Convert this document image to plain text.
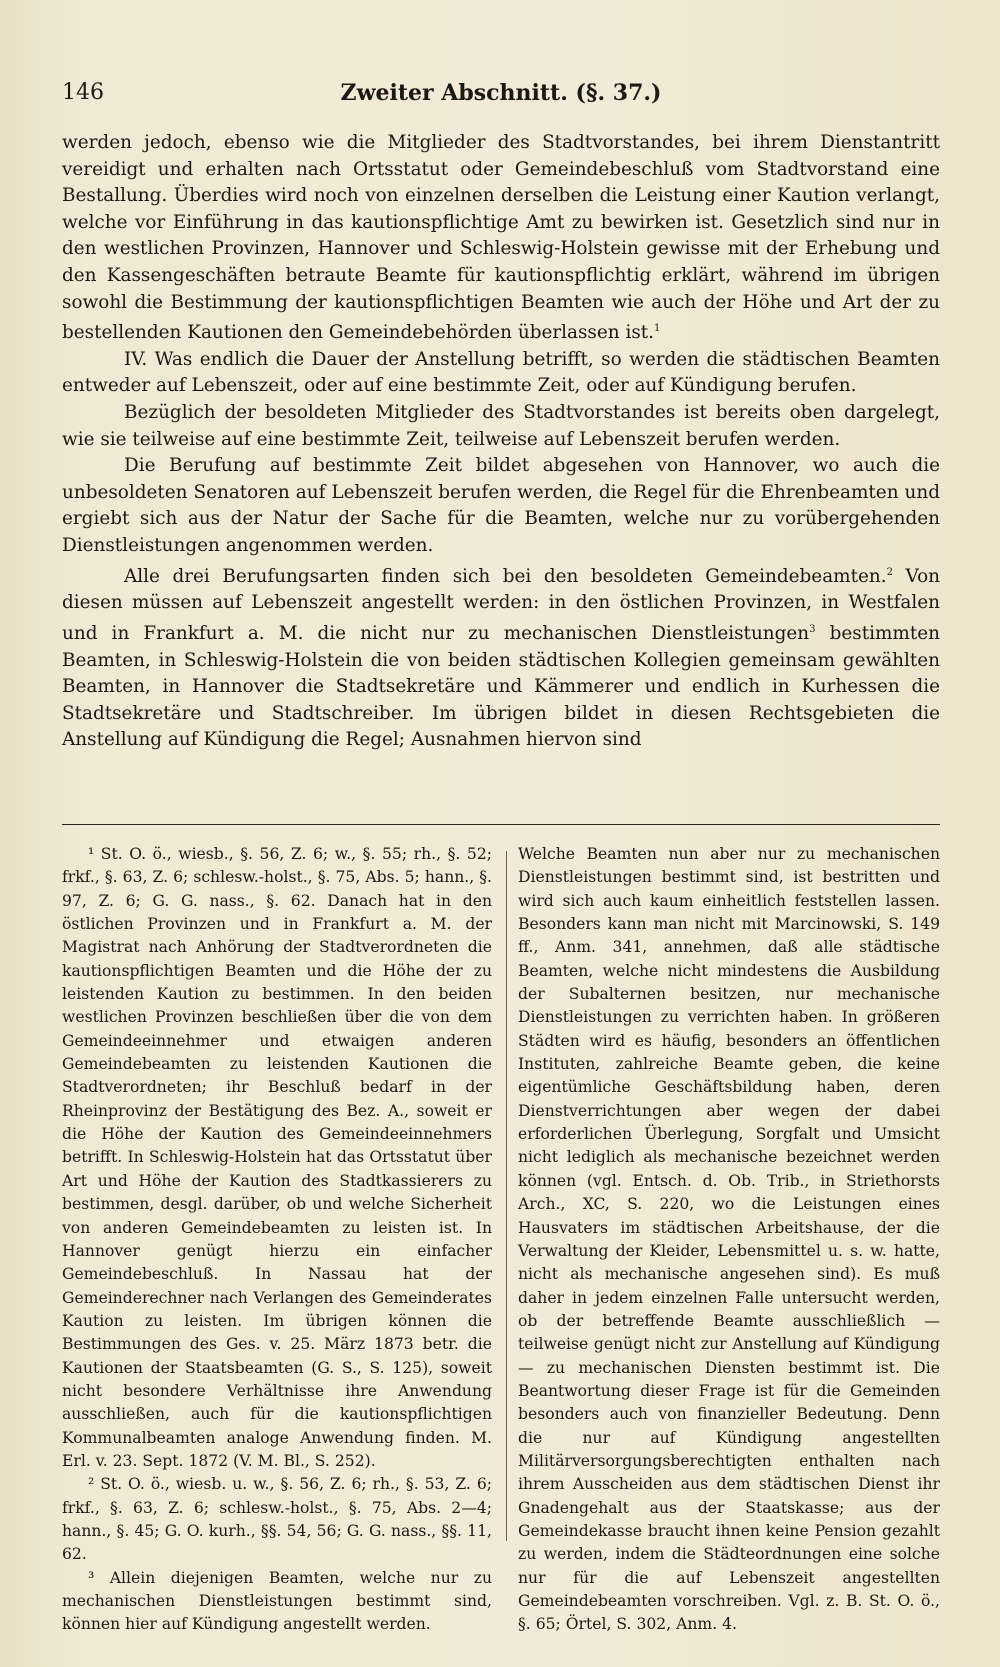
146	Zweiter Abschnitt. (§. 37.)

werden jedoch, ebenso wie die Mitglieder des Stadtvorstandes, bei ihrem Dienstantritt vereidigt und erhalten nach Ortsstatut oder Gemeindebeschluß vom Stadtvorstand eine Bestallung. Überdies wird noch von einzelnen derselben die Leistung einer Kaution verlangt, welche vor Einführung in das kautionspflichtige Amt zu bewirken ist. Gesetzlich sind nur in den westlichen Provinzen, Hannover und Schleswig-Holstein gewisse mit der Erhebung und den Kassengeschäften betraute Beamte für kautionspflichtig erklärt, während im übrigen sowohl die Bestimmung der kautionspflichtigen Beamten wie auch der Höhe und Art der zu bestellenden Kautionen den Gemeindebehörden überlassen ist.$^1$

IV. Was endlich die Dauer der Anstellung betrifft, so werden die städtischen Beamten entweder auf Lebenszeit, oder auf eine bestimmte Zeit, oder auf Kündigung berufen.

Bezüglich der besoldeten Mitglieder des Stadtvorstandes ist bereits oben dargelegt, wie sie teilweise auf eine bestimmte Zeit, teilweise auf Lebenszeit berufen werden.

Die Berufung auf bestimmte Zeit bildet abgesehen von Hannover, wo auch die unbesoldeten Senatoren auf Lebenszeit berufen werden, die Regel für die Ehrenbeamten und ergiebt sich aus der Natur der Sache für die Beamten, welche nur zu vorübergehenden Dienstleistungen angenommen werden.

Alle drei Berufungsarten finden sich bei den besoldeten Gemeindebeamten.$^2$ Von diesen müssen auf Lebenszeit angestellt werden: in den östlichen Provinzen, in Westfalen und in Frankfurt a. M. die nicht nur zu mechanischen Dienstleistungen$^3$ bestimmten Beamten, in Schleswig-Holstein die von beiden städtischen Kollegien gemeinsam gewählten Beamten, in Hannover die Stadtsekretäre und Kämmerer und endlich in Kurhessen die Stadtsekretäre und Stadtschreiber. Im übrigen bildet in diesen Rechtsgebieten die Anstellung auf Kündigung die Regel; Ausnahmen hiervon sind

¹ St. O. ö., wiesb., §. 56, Z. 6; w., §. 55; rh., §. 52; frkf., §. 63, Z. 6; schlesw.-holst., §. 75, Abs. 5; hann., §. 97, Z. 6; G. G. nass., §. 62. Danach hat in den östlichen Provinzen und in Frankfurt a. M. der Magistrat nach Anhörung der Stadtverordneten die kautionspflichtigen Beamten und die Höhe der zu leistenden Kaution zu bestimmen. In den beiden westlichen Provinzen beschließen über die von dem Gemeindeeinnehmer und etwaigen anderen Gemeindebeamten zu leistenden Kautionen die Stadtverordneten; ihr Beschluß bedarf in der Rheinprovinz der Bestätigung des Bez. A., soweit er die Höhe der Kaution des Gemeindeeinnehmers betrifft. In Schleswig-Holstein hat das Ortsstatut über Art und Höhe der Kaution des Stadtkassierers zu bestimmen, desgl. darüber, ob und welche Sicherheit von anderen Gemeindebeamten zu leisten ist. In Hannover genügt hierzu ein einfacher Gemeindebeschluß. In Nassau hat der Gemeinderechner nach Verlangen des Gemeinderates Kaution zu leisten. Im übrigen können die Bestimmungen des Ges. v. 25. März 1873 betr. die Kautionen der Staatsbeamten (G. S., S. 125), soweit nicht besondere Verhältnisse ihre Anwendung ausschließen, auch für die kautionspflichtigen Kommunalbeamten analoge Anwendung finden. M. Erl. v. 23. Sept. 1872 (V. M. Bl., S. 252).

² St. O. ö., wiesb. u. w., §. 56, Z. 6; rh., §. 53, Z. 6; frkf., §. 63, Z. 6; schlesw.-holst., §. 75, Abs. 2—4; hann., §. 45; G. O. kurh., §§. 54, 56; G. G. nass., §§. 11, 62.

³ Allein diejenigen Beamten, welche nur zu mechanischen Dienstleistungen bestimmt sind, können hier auf Kündigung angestellt werden.

Welche Beamten nun aber nur zu mechanischen Dienstleistungen bestimmt sind, ist bestritten und wird sich auch kaum einheitlich feststellen lassen. Besonders kann man nicht mit Marcinowski, S. 149 ff., Anm. 341, annehmen, daß alle städtische Beamten, welche nicht mindestens die Ausbildung der Subalternen besitzen, nur mechanische Dienstleistungen zu verrichten haben. In größeren Städten wird es häufig, besonders an öffentlichen Instituten, zahlreiche Beamte geben, die keine eigentümliche Geschäftsbildung haben, deren Dienstverrichtungen aber wegen der dabei erforderlichen Überlegung, Sorgfalt und Umsicht nicht lediglich als mechanische bezeichnet werden können (vgl. Entsch. d. Ob. Trib., in Striethorsts Arch., XC, S. 220, wo die Leistungen eines Hausvaters im städtischen Arbeitshause, der die Verwaltung der Kleider, Lebensmittel u. s. w. hatte, nicht als mechanische angesehen sind). Es muß daher in jedem einzelnen Falle untersucht werden, ob der betreffende Beamte ausschließlich — teilweise genügt nicht zur Anstellung auf Kündigung — zu mechanischen Diensten bestimmt ist. Die Beantwortung dieser Frage ist für die Gemeinden besonders auch von finanzieller Bedeutung. Denn die nur auf Kündigung angestellten Militärversorgungsberechtigten enthalten nach ihrem Ausscheiden aus dem städtischen Dienst ihr Gnadengehalt aus der Staatskasse; aus der Gemeindekasse braucht ihnen keine Pension gezahlt zu werden, indem die Städteordnungen eine solche nur für die auf Lebenszeit angestellten Gemeindebeamten vorschreiben. Vgl. z. B. St. O. ö., §. 65; Örtel, S. 302, Anm. 4.
